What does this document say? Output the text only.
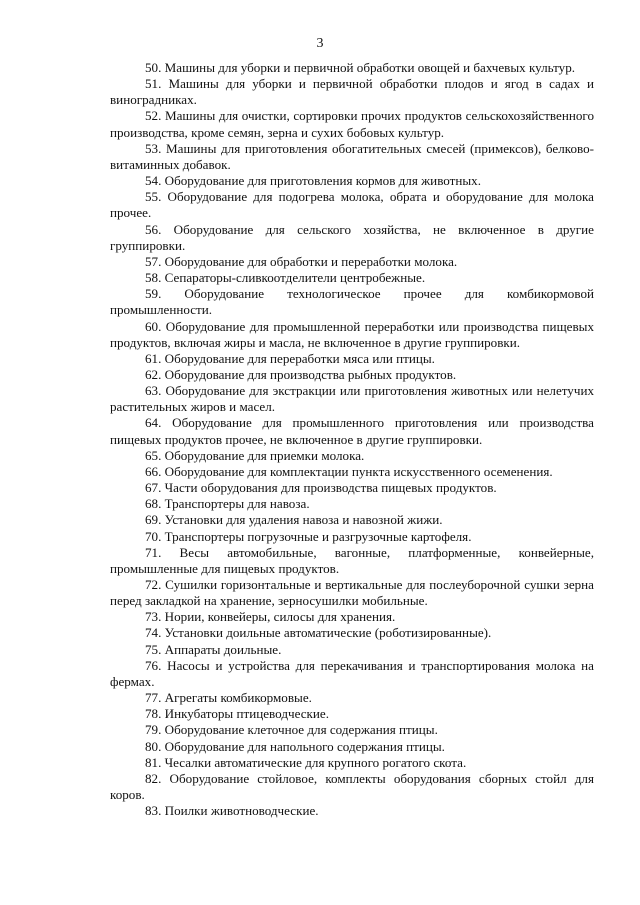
3

50. Машины для уборки и первичной обработки овощей и бахчевых культур.

51. Машины для уборки и первичной обработки плодов и ягод в садах и виноградниках.

52. Машины для очистки, сортировки прочих продуктов сельскохозяйственного производства, кроме семян, зерна и сухих бобовых культур.

53. Машины для приготовления обогатительных смесей (примексов), белково-витаминных добавок.

54. Оборудование для приготовления кормов для животных.

55. Оборудование для подогрева молока, обрата и оборудование для молока прочее.

56. Оборудование для сельского хозяйства, не включенное в другие группировки.

57. Оборудование для обработки и переработки молока.

58. Сепараторы-сливкоотделители центробежные.

59. Оборудование технологическое прочее для комбикормовой промышленности.

60. Оборудование для промышленной переработки или производства пищевых продуктов, включая жиры и масла, не включенное в другие группировки.

61. Оборудование для переработки мяса или птицы.

62. Оборудование для производства рыбных продуктов.

63. Оборудование для экстракции или приготовления животных или нелетучих растительных жиров и масел.

64. Оборудование для промышленного приготовления или производства пищевых продуктов прочее, не включенное в другие группировки.

65. Оборудование для приемки молока.

66. Оборудование для комплектации пункта искусственного осеменения.

67. Части оборудования для производства пищевых продуктов.

68. Транспортеры для навоза.

69. Установки для удаления навоза и навозной жижи.

70. Транспортеры погрузочные и разгрузочные картофеля.

71. Весы автомобильные, вагонные, платформенные, конвейерные, промышленные для пищевых продуктов.

72. Сушилки горизонтальные и вертикальные для послеуборочной сушки зерна перед закладкой на хранение, зерносушилки мобильные.

73. Нории, конвейеры, силосы для хранения.

74. Установки доильные автоматические (роботизированные).

75. Аппараты доильные.

76. Насосы и устройства для перекачивания и транспортирования молока на фермах.

77. Агрегаты комбикормовые.

78. Инкубаторы птицеводческие.

79. Оборудование клеточное для содержания птицы.

80. Оборудование для напольного содержания птицы.

81. Чесалки автоматические для крупного рогатого скота.

82. Оборудование стойловое, комплекты оборудования сборных стойл для коров.

83. Поилки животноводческие.
